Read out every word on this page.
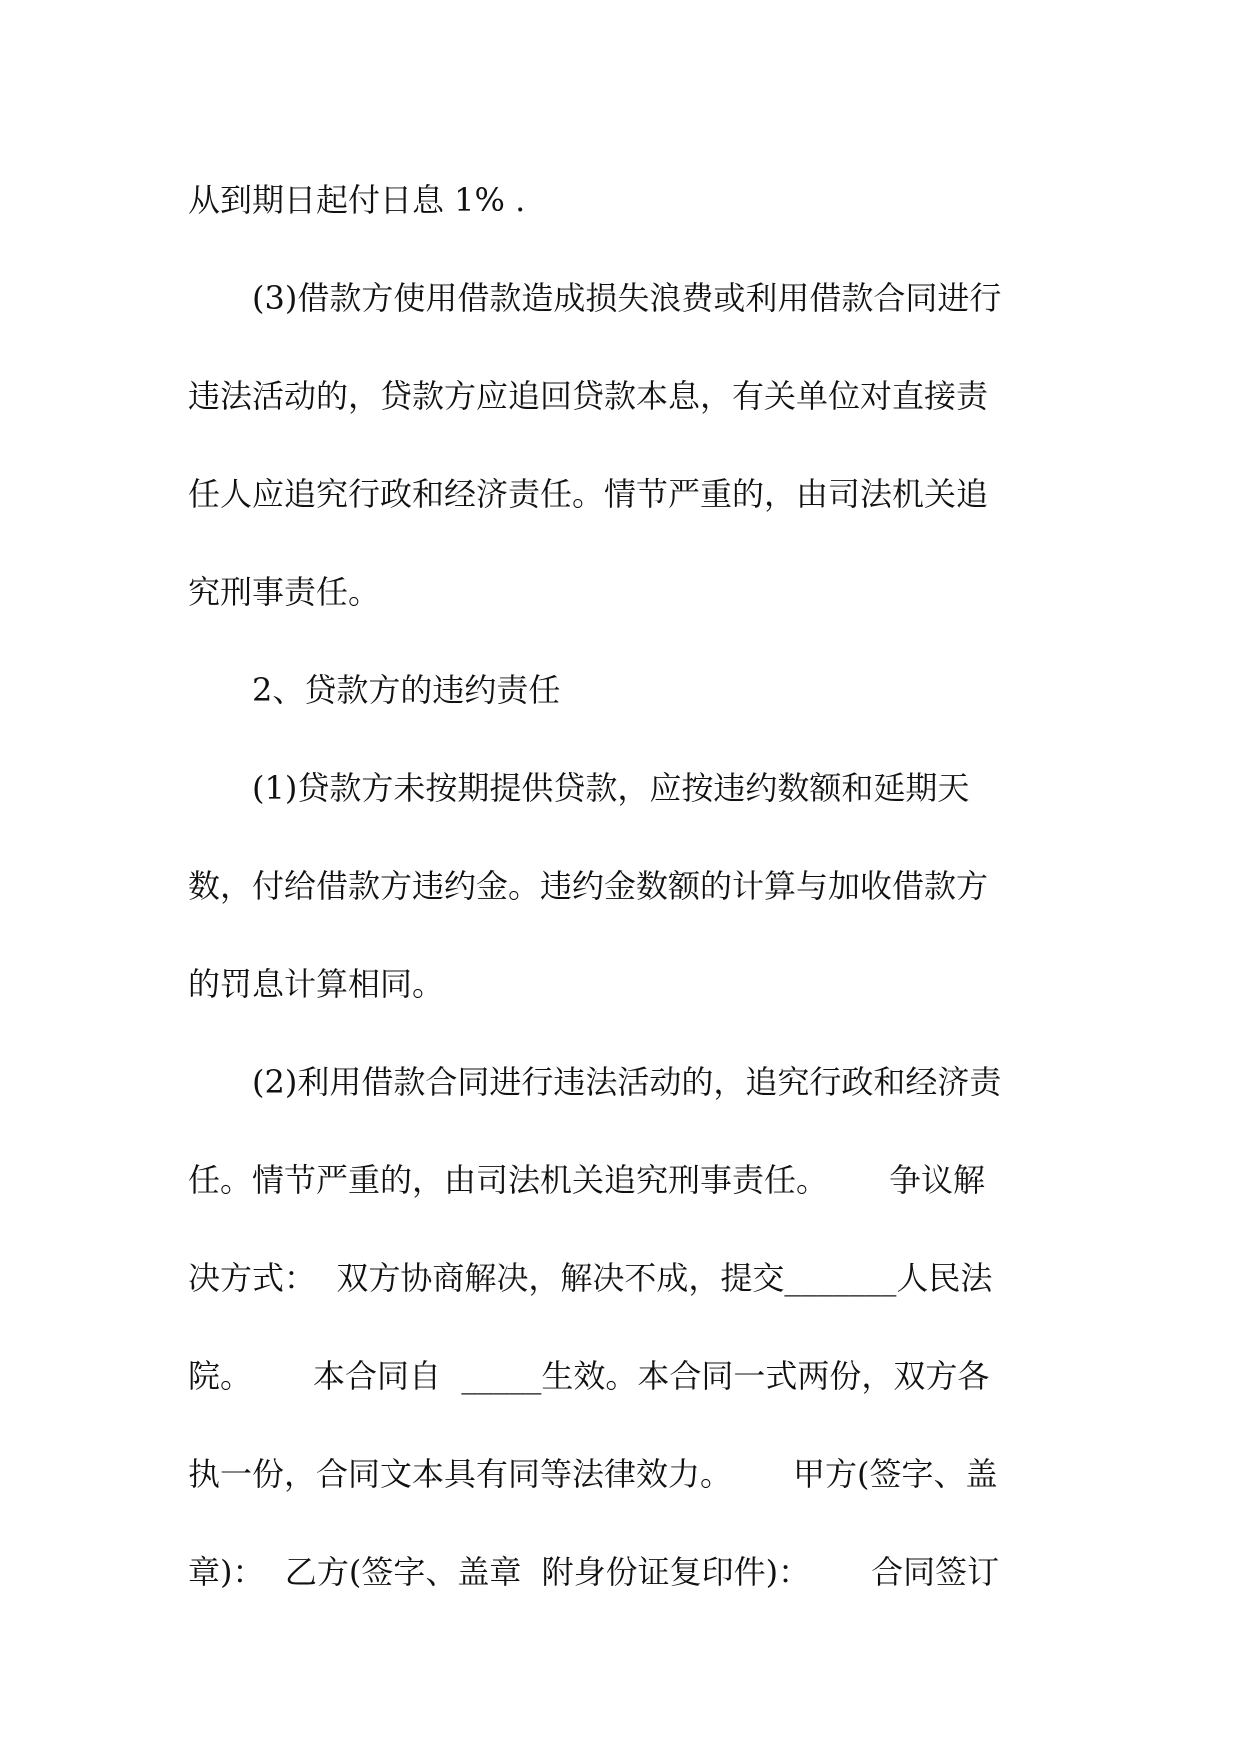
从到期日起付日息 1% .
(3)借款方使用借款造成损失浪费或利用借款合同进行
违法活动的，贷款方应追回贷款本息，有关单位对直接责
任人应追究行政和经济责任。情节严重的，由司法机关追
究刑事责任。
2、贷款方的违约责任
(1)贷款方未按期提供贷款，应按违约数额和延期天
数，付给借款方违约金。违约金数额的计算与加收借款方
的罚息计算相同。
(2)利用借款合同进行违法活动的，追究行政和经济责
任。情节严重的，由司法机关追究刑事责任。      争议解
决方式：  双方协商解决，解决不成，提交_______人民法
院。      本合同自  _____生效。本合同一式两份，双方各
执一份，合同文本具有同等法律效力。      甲方(签字、盖
章)：  乙方(签字、盖章  附身份证复印件)：      合同签订
